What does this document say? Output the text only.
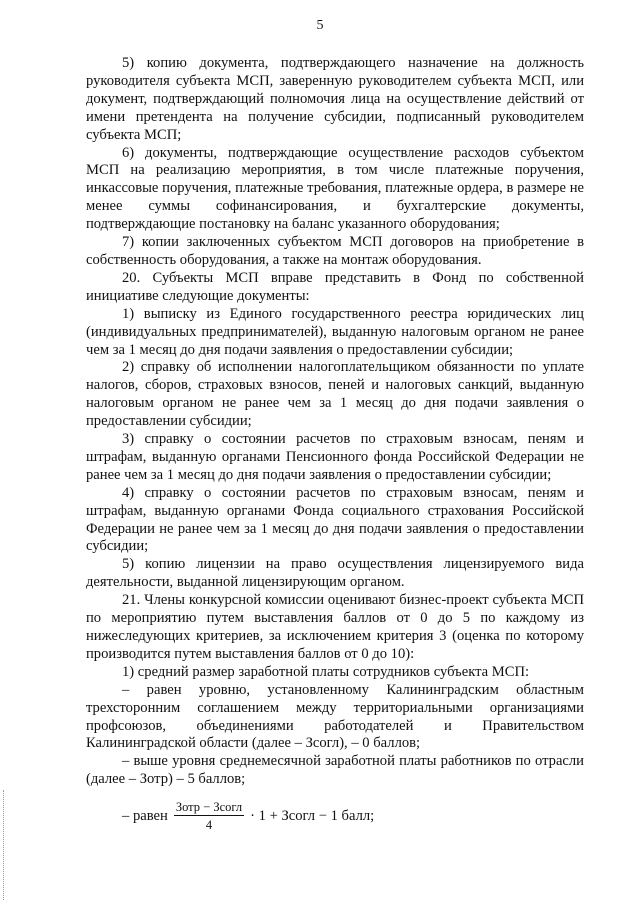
5

5) копию документа, подтверждающего назначение на должность руководителя субъекта МСП, заверенную руководителем субъекта МСП, или документ, подтверждающий полномочия лица на осуществление действий от имени претендента на получение субсидии, подписанный руководителем субъекта МСП;

6) документы, подтверждающие осуществление расходов субъектом МСП на реализацию мероприятия, в том числе платежные поручения, инкассовые поручения, платежные требования, платежные ордера, в размере не менее суммы софинансирования, и бухгалтерские документы, подтверждающие постановку на баланс указанного оборудования;

7) копии заключенных субъектом МСП договоров на приобретение в собственность оборудования, а также на монтаж оборудования.

20. Субъекты МСП вправе представить в Фонд по собственной инициативе следующие документы:

1) выписку из Единого государственного реестра юридических лиц (индивидуальных предпринимателей), выданную налоговым органом не ранее чем за 1 месяц до дня подачи заявления о предоставлении субсидии;

2) справку об исполнении налогоплательщиком обязанности по уплате налогов, сборов, страховых взносов, пеней и налоговых санкций, выданную налоговым органом не ранее чем за 1 месяц до дня подачи заявления о предоставлении субсидии;

3) справку о состоянии расчетов по страховым взносам, пеням и штрафам, выданную органами Пенсионного фонда Российской Федерации не ранее чем за 1 месяц до дня подачи заявления о предоставлении субсидии;

4) справку о состоянии расчетов по страховым взносам, пеням и штрафам, выданную органами Фонда социального страхования Российской Федерации не ранее чем за 1 месяц до дня подачи заявления о предоставлении субсидии;

5) копию лицензии на право осуществления лицензируемого вида деятельности, выданной лицензирующим органом.

21. Члены конкурсной комиссии оценивают бизнес-проект субъекта МСП по мероприятию путем выставления баллов от 0 до 5 по каждому из нижеследующих критериев, за исключением критерия 3 (оценка по которому производится путем выставления баллов от 0 до 10):

1) средний размер заработной платы сотрудников субъекта МСП:

– равен уровню, установленному Калининградским областным трехсторонним соглашением между территориальными организациями профсоюзов, объединениями работодателей и Правительством Калининградской области (далее – Зсогл), – 0 баллов;

– выше уровня среднемесячной заработной платы работников по отрасли (далее – Зотр) – 5 баллов;

– равен $\frac{\text{Зотр − Зсогл}}{4} \cdot 1$ + Зсогл − 1 балл;
